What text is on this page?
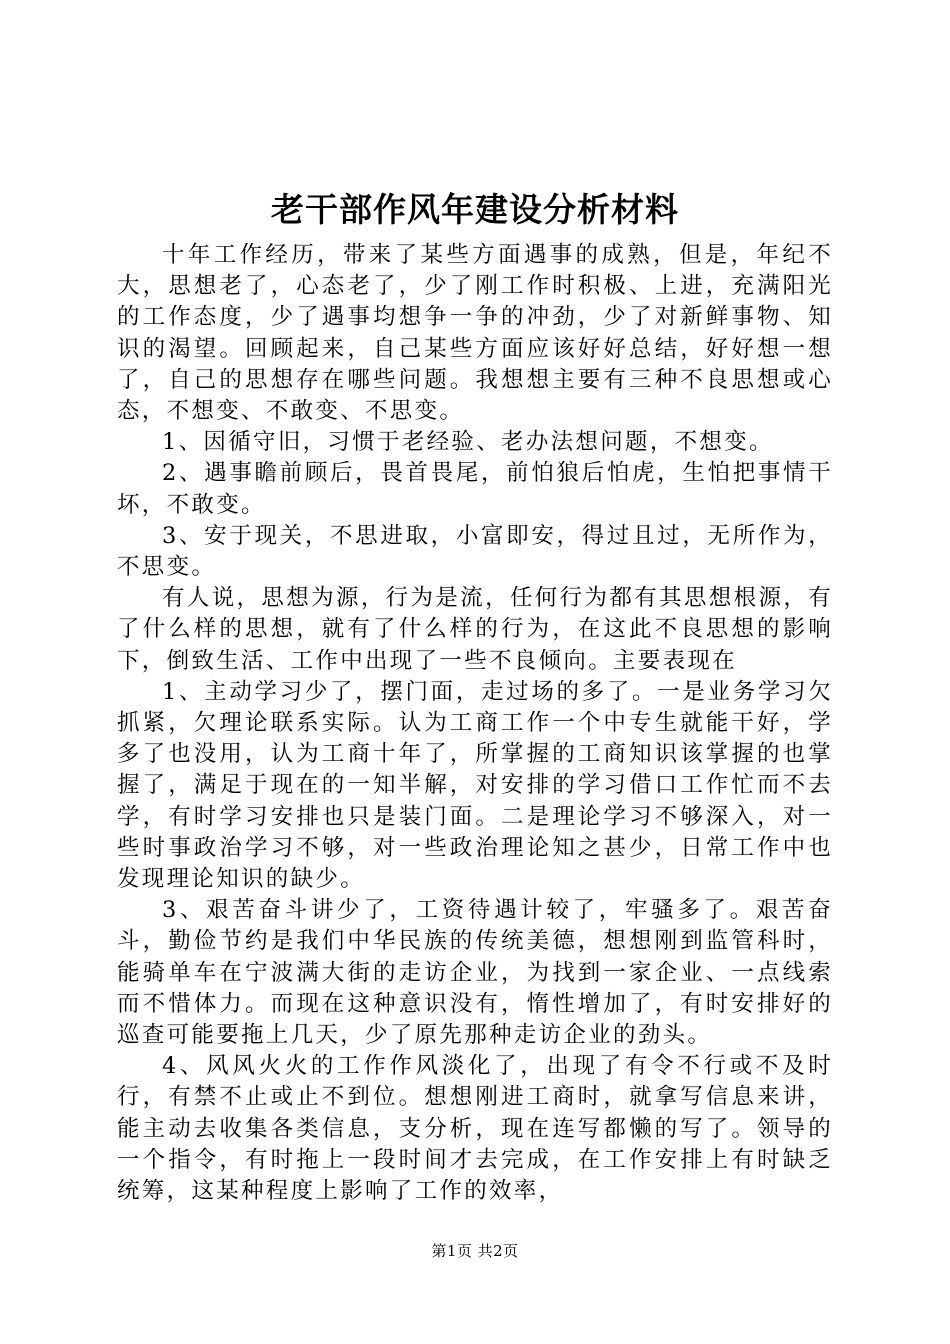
老干部作风年建设分析材料

十年工作经历，带来了某些方面遇事的成熟，但是，年纪不大，思想老了，心态老了，少了刚工作时积极、上进，充满阳光的工作态度，少了遇事均想争一争的冲劲，少了对新鲜事物、知识的渴望。回顾起来，自己某些方面应该好好总结，好好想一想了，自己的思想存在哪些问题。我想想主要有三种不良思想或心态，不想变、不敢变、不思变。

1、因循守旧，习惯于老经验、老办法想问题，不想变。

2、遇事瞻前顾后，畏首畏尾，前怕狼后怕虎，生怕把事情干坏，不敢变。

3、安于现关，不思进取，小富即安，得过且过，无所作为，不思变。

有人说，思想为源，行为是流，任何行为都有其思想根源，有了什么样的思想，就有了什么样的行为，在这此不良思想的影响下，倒致生活、工作中出现了一些不良倾向。主要表现在

1、主动学习少了，摆门面，走过场的多了。一是业务学习欠抓紧，欠理论联系实际。认为工商工作一个中专生就能干好，学多了也没用，认为工商十年了，所掌握的工商知识该掌握的也掌握了，满足于现在的一知半解，对安排的学习借口工作忙而不去学，有时学习安排也只是装门面。二是理论学习不够深入，对一些时事政治学习不够，对一些政治理论知之甚少，日常工作中也发现理论知识的缺少。

3、艰苦奋斗讲少了，工资待遇计较了，牢骚多了。艰苦奋斗，勤俭节约是我们中华民族的传统美德，想想刚到监管科时，能骑单车在宁波满大街的走访企业，为找到一家企业、一点线索而不惜体力。而现在这种意识没有，惰性增加了，有时安排好的巡查可能要拖上几天，少了原先那种走访企业的劲头。

4、风风火火的工作作风淡化了，出现了有令不行或不及时行，有禁不止或止不到位。想想刚进工商时，就拿写信息来讲，能主动去收集各类信息，支分析，现在连写都懒的写了。领导的一个指令，有时拖上一段时间才去完成，在工作安排上有时缺乏统筹，这某种程度上影响了工作的效率，

第1页 共2页
